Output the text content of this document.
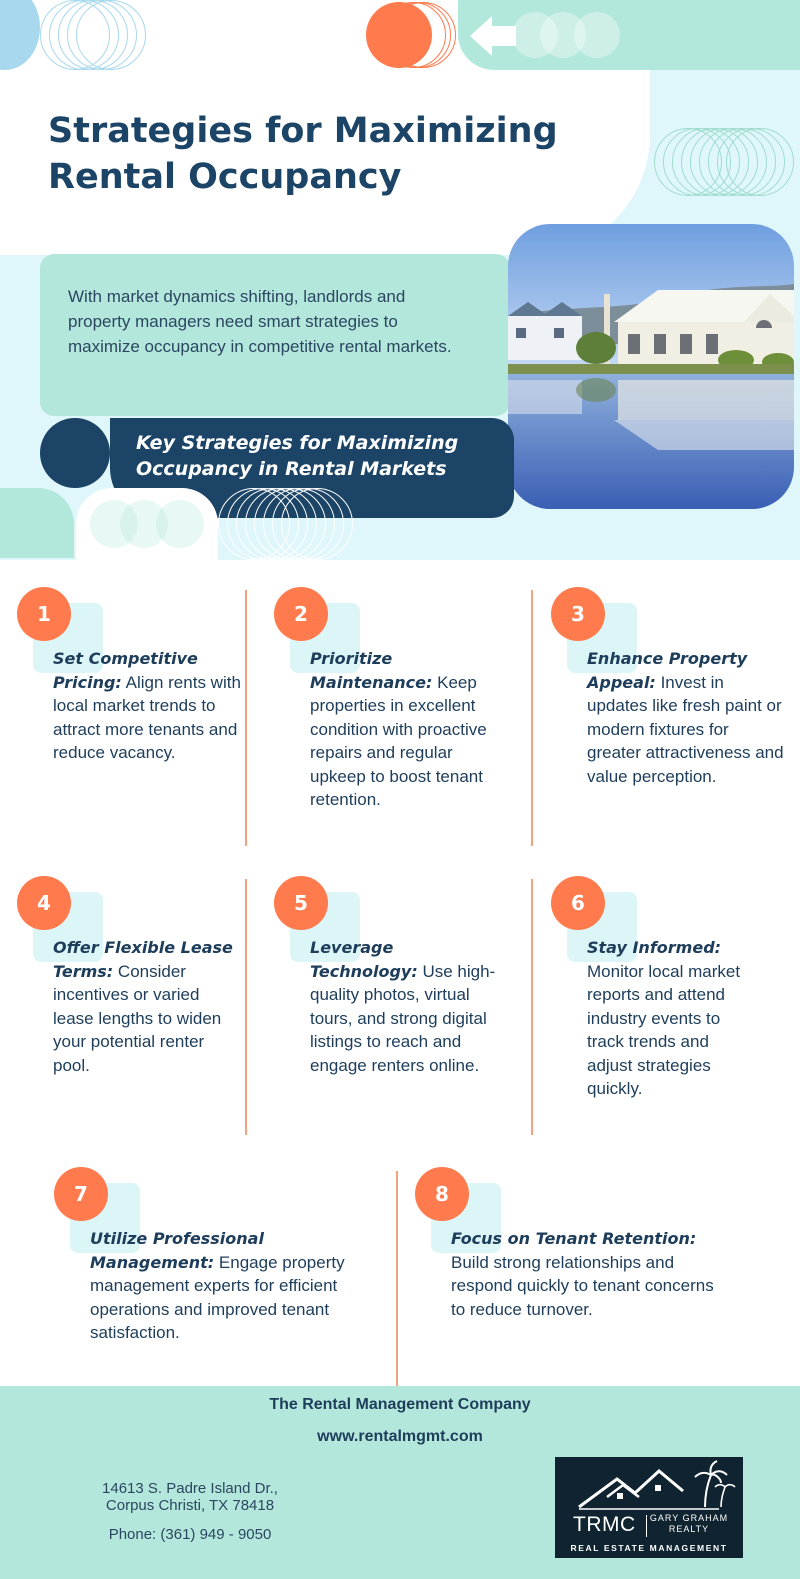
Strategies for Maximizing Rental Occupancy

With market dynamics shifting, landlords and property managers need smart strategies to maximize occupancy in competitive rental markets.

Key Strategies for Maximizing Occupancy in Rental Markets
1

Set Competitive Pricing: Align rents with local market trends to attract more tenants and reduce vacancy.

2

Prioritize Maintenance: Keep properties in excellent condition with proactive repairs and regular upkeep to boost tenant retention.

3

Enhance Property Appeal: Invest in updates like fresh paint or modern fixtures for greater attractiveness and value perception.

4

Offer Flexible Lease Terms: Consider incentives or varied lease lengths to widen your potential renter pool.

5

Leverage Technology: Use high-quality photos, virtual tours, and strong digital listings to reach and engage renters online.

6

Stay Informed: Monitor local market reports and attend industry events to track trends and adjust strategies quickly.

7

Utilize Professional Management: Engage property management experts for efficient operations and improved tenant satisfaction.

8

Focus on Tenant Retention: Build strong relationships and respond quickly to tenant concerns to reduce turnover.

The Rental Management Company
www.rentalmgmt.com
14613 S. Padre Island Dr.,
Corpus Christi, TX 78418
Phone: (361) 949 - 9050	TRMC GARY GRAHAM
REALTY
REAL ESTATE MANAGEMENT
